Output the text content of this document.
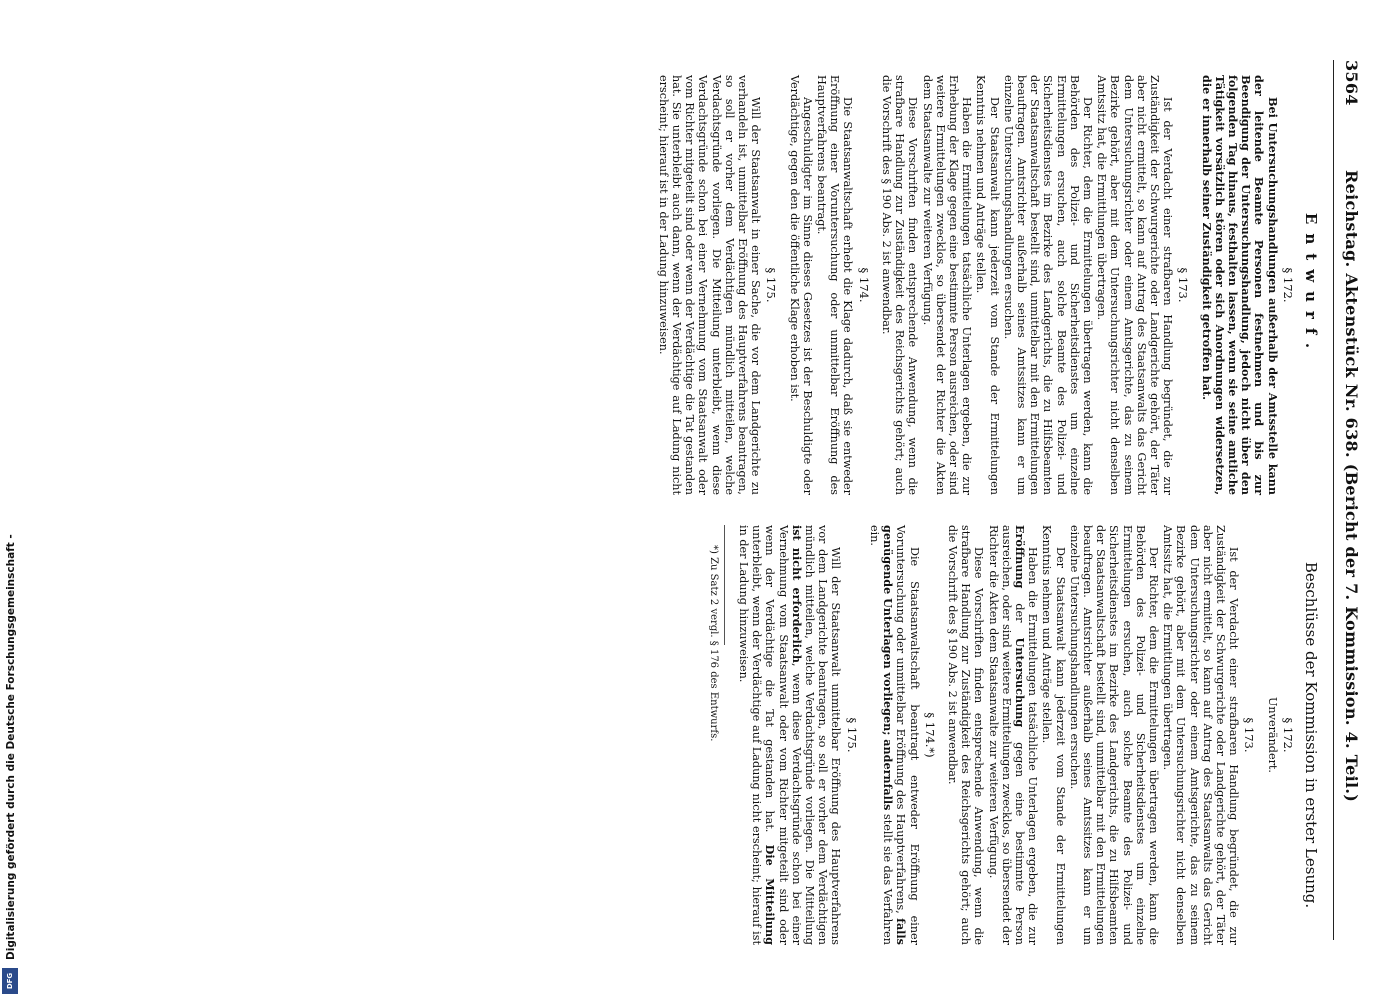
Digitalisierung gefördert durch die Deutsche Forschungsgemeinschaft -
DFG
3564
Reichstag. Aktenstück Nr. 638. (Bericht der 7. Kommission. 4. Teil.)
Entwurf.
§ 172.
Bei Untersuchungshandlungen außerhalb der Amtsstelle kann der leitende Beamte Personen festnehmen und bis zur Beendigung der Untersuchungshandlung, jedoch nicht über den folgenden Tag hinaus, festhalten lassen, wenn sie seine amtliche Tätigkeit vorsätzlich stören oder sich Anordnungen widersetzen, die er innerhalb seiner Zuständigkeit getroffen hat.
§ 173.
Ist der Verdacht einer strafbaren Handlung begründet, die zur Zuständigkeit der Schwurgerichte oder Landgerichte gehört, der Täter aber nicht ermittelt, so kann auf Antrag des Staatsanwalts das Gericht dem Untersuchungsrichter oder einem Amtsgerichte, das zu seinem Bezirke gehört, aber mit dem Untersuchungsrichter nicht denselben Amtssitz hat, die Ermittlungen übertragen.
Der Richter, dem die Ermittelungen übertragen werden, kann die Behörden des Polizei- und Sicherheitsdienstes um einzelne Ermittelungen ersuchen, auch solche Beamte des Polizei- und Sicherheitsdienstes im Bezirke des Landgerichts, die zu Hilfsbeamten der Staatsanwaltschaft bestellt sind, unmittelbar mit den Ermittelungen beauftragen. Amtsrichter außerhalb seines Amtssitzes kann er um einzelne Untersuchungshandlungen ersuchen.
Der Staatsanwalt kann jederzeit vom Stande der Ermittelungen Kenntnis nehmen und Anträge stellen.
Haben die Ermittelungen tatsächliche Unterlagen ergeben, die zur Erhebung der Klage gegen eine bestimmte Person ausreichen, oder sind weitere Ermittelungen zwecklos, so übersendet der Richter die Akten dem Staatsanwalte zur weiteren Verfügung.
Diese Vorschriften finden entsprechende Anwendung, wenn die strafbare Handlung zur Zuständigkeit des Reichsgerichts gehört; auch die Vorschrift des § 190 Abs. 2 ist anwendbar.
§ 174.
Die Staatsanwaltschaft erhebt die Klage dadurch, daß sie entweder Eröffnung einer Voruntersuchung oder unmittelbar Eröffnung des Hauptverfahrens beantragt.
Angeschuldigter im Sinne dieses Gesetzes ist der Beschuldigte oder Verdächtige, gegen den die öffentliche Klage erhoben ist.
§ 175.
Will der Staatsanwalt in einer Sache, die vor dem Landgerichte zu verhandeln ist, unmittelbar Eröffnung des Hauptverfahrens beantragen, so soll er vorher dem Verdächtigen mündlich mitteilen, welche Verdachtsgründe vorliegen. Die Mitteilung unterbleibt, wenn diese Verdachtsgründe schon bei einer Vernehmung vom Staatsanwalt oder vom Richter mitgeteilt sind oder wenn der Verdächtige die Tat gestanden hat. Sie unterbleibt auch dann, wenn der Verdächtige auf Ladung nicht erscheint; hierauf ist in der Ladung hinzuweisen.
Beschlüsse der Kommission in erster Lesung.
§ 172.
Unverändert.
§ 173.
Ist der Verdacht einer strafbaren Handlung begründet, die zur Zuständigkeit der Schwurgerichte oder Landgerichte gehört, der Täter aber nicht ermittelt, so kann auf Antrag des Staatsanwalts das Gericht dem Untersuchungsrichter oder einem Amtsgerichte, das zu seinem Bezirke gehört, aber mit dem Untersuchungsrichter nicht denselben Amtssitz hat, die Ermittlungen übertragen.
Der Richter, dem die Ermittelungen übertragen werden, kann die Behörden des Polizei- und Sicherheitsdienstes um einzelne Ermittelungen ersuchen, auch solche Beamte des Polizei- und Sicherheitsdienstes im Bezirke des Landgerichts, die zu Hilfsbeamten der Staatsanwaltschaft bestellt sind, unmittelbar mit den Ermittelungen beauftragen. Amtsrichter außerhalb seines Amtssitzes kann er um einzelne Untersuchungshandlungen ersuchen.
Der Staatsanwalt kann jederzeit vom Stande der Ermittelungen Kenntnis nehmen und Anträge stellen.
Haben die Ermittelungen tatsächliche Unterlagen ergeben, die zur Eröffnung der Untersuchung gegen eine bestimmte Person ausreichen, oder sind weitere Ermittelungen zwecklos, so übersendet der Richter die Akten dem Staatsanwalte zur weiteren Verfügung.
Diese Vorschriften finden entsprechende Anwendung, wenn die strafbare Handlung zur Zuständigkeit des Reichsgerichts gehört; auch die Vorschrift des § 190 Abs. 2 ist anwendbar.
§ 174.*)
Die Staatsanwaltschaft beantragt entweder Eröffnung einer Voruntersuchung oder unmittelbar Eröffnung des Hauptverfahrens, falls genügende Unterlagen vorliegen; andernfalls stellt sie das Verfahren ein.
§ 175.
Will der Staatsanwalt unmittelbar Eröffnung des Hauptverfahrens vor dem Landgerichte beantragen, so soll er vorher dem Verdächtigen mündlich mitteilen, welche Verdachtsgründe vorliegen. Die Mitteilung ist nicht erforderlich, wenn diese Verdachtsgründe schon bei einer Vernehmung vom Staatsanwalt oder vom Richter mitgeteilt sind oder wenn der Verdächtige die Tat gestanden hat. Die Mitteilung unterbleibt, wenn der Verdächtige auf Ladung nicht erscheint; hierauf ist in der Ladung hinzuweisen.
*) Zu Satz 2 vergl. § 176 des Entwurfs.
